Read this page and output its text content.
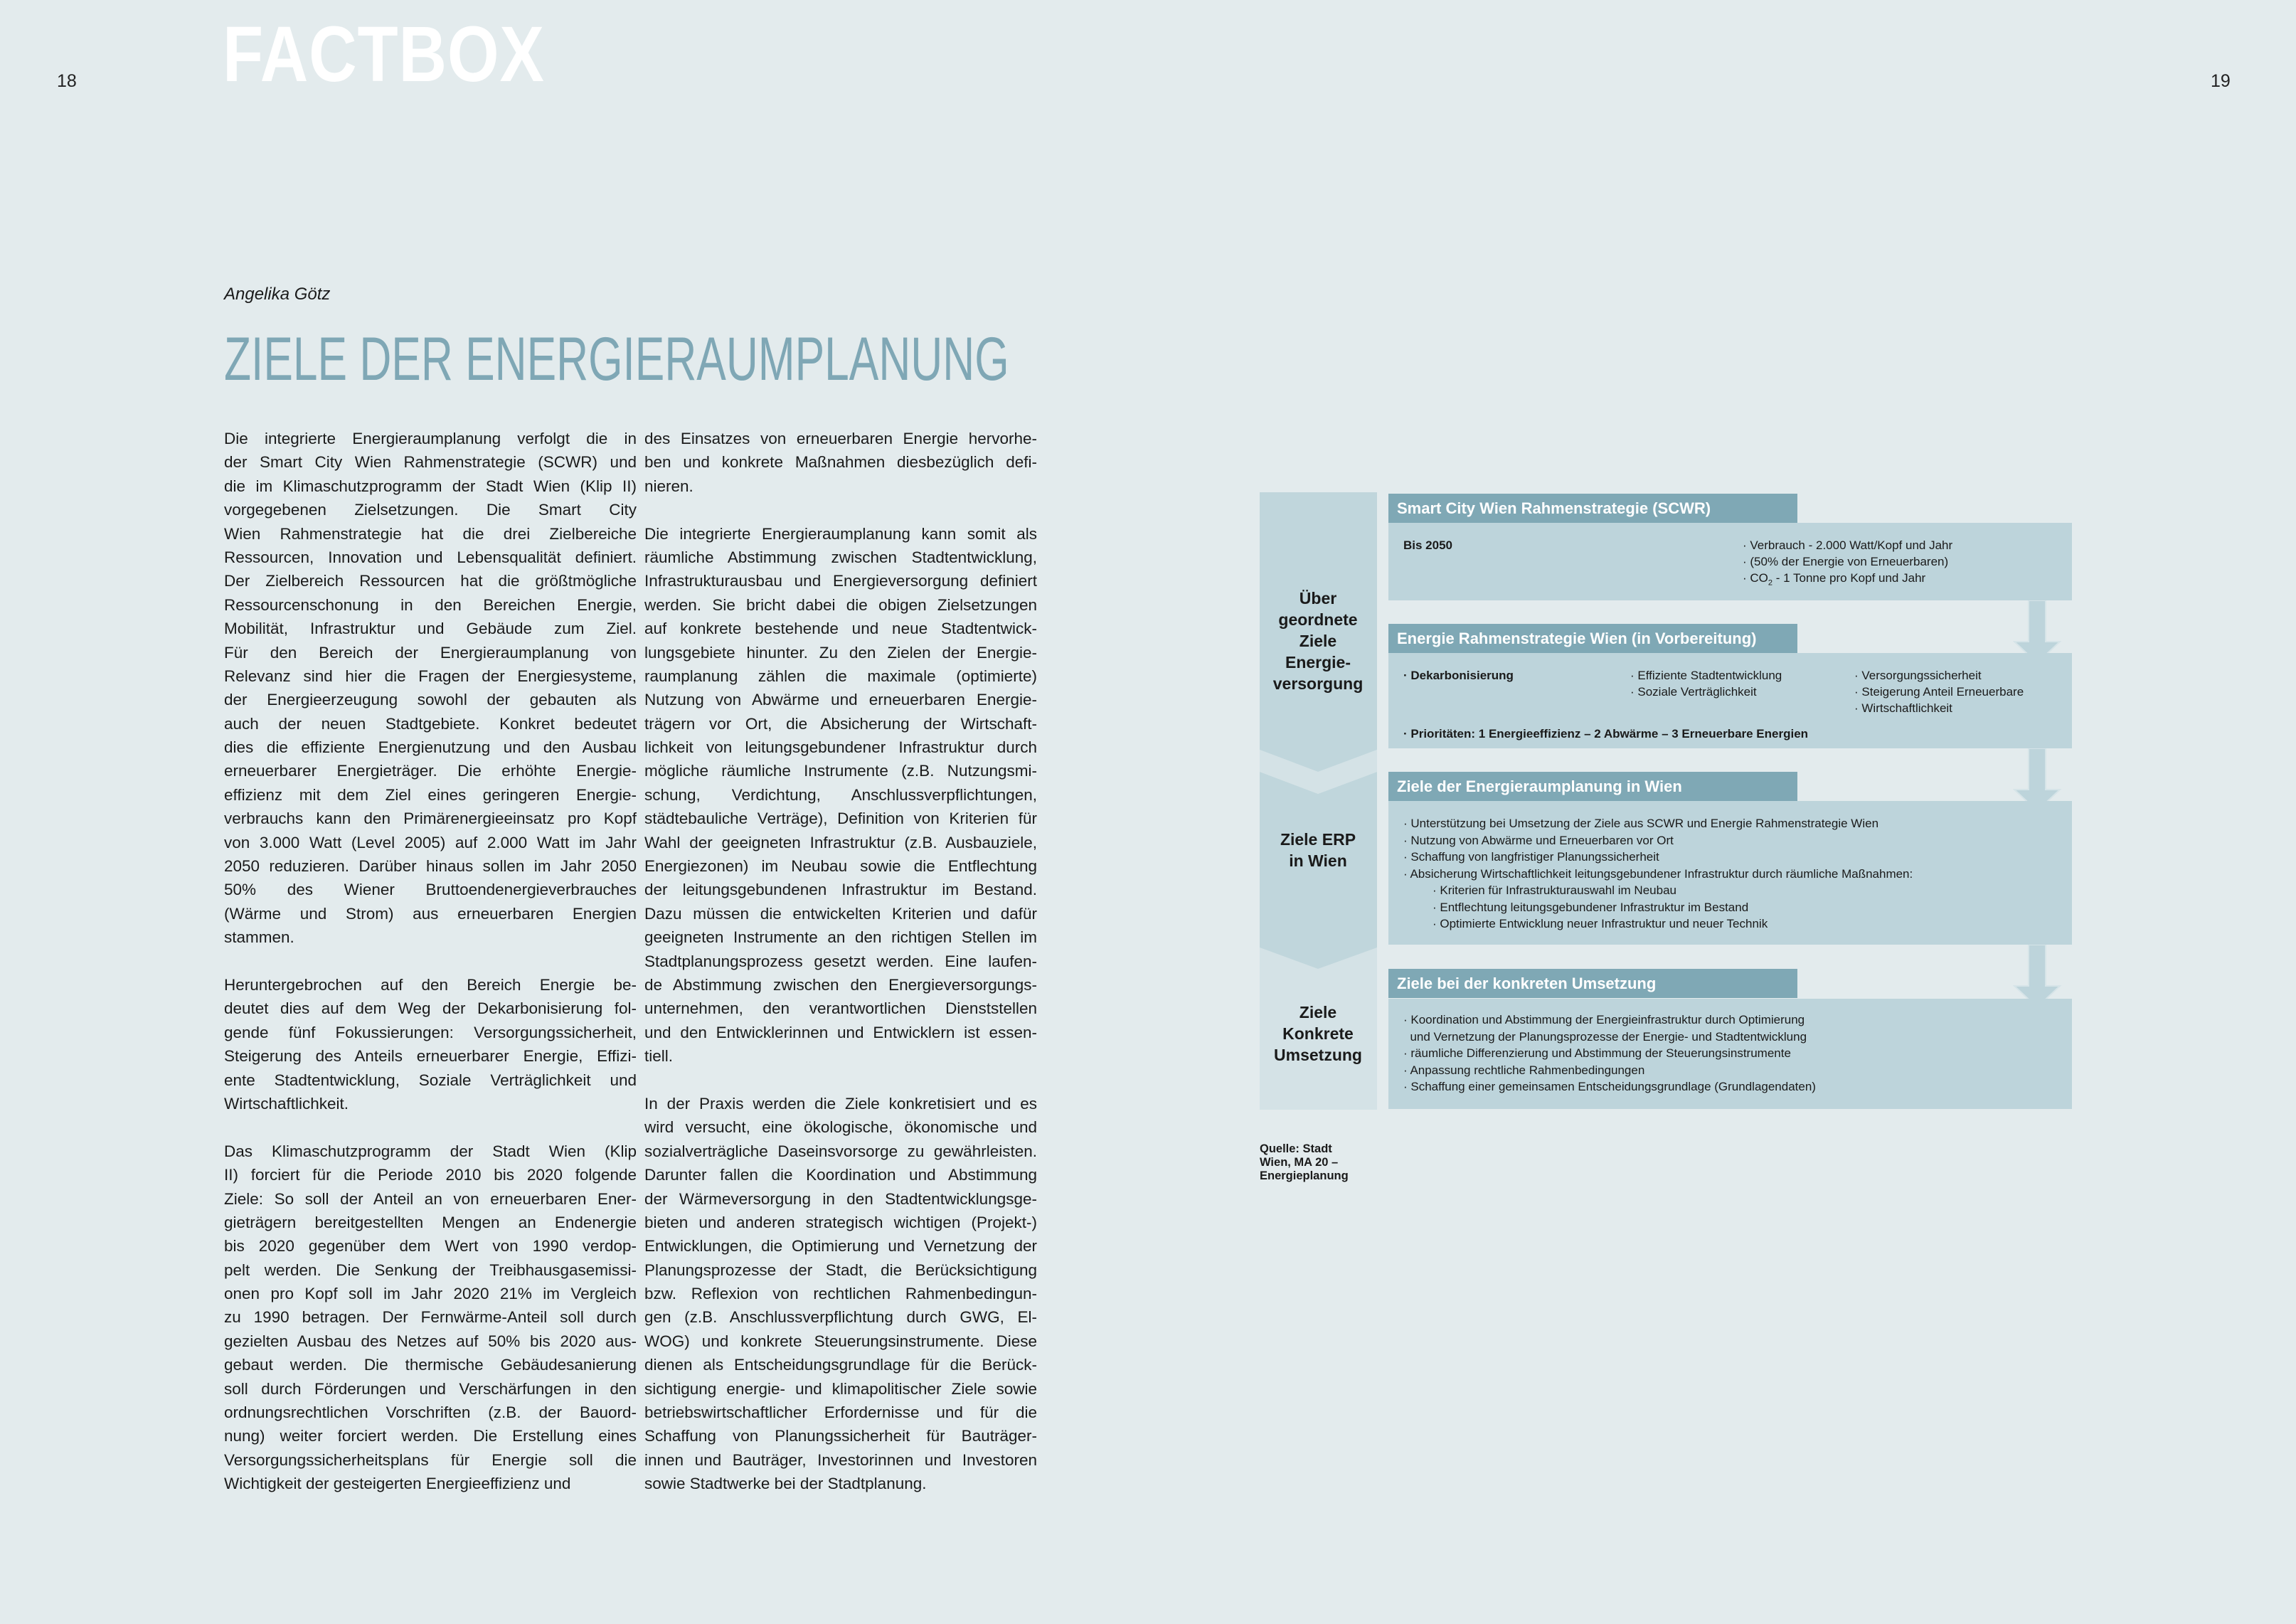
18	19
FACTBOX
Angelika Götz
ZIELE DER ENERGIERAUMPLANUNG
Die integrierte Energieraumplanung verfolgt die in
der Smart City Wien Rahmenstrategie (SCWR) und
die im Klimaschutzprogramm der Stadt Wien (Klip II)
vorgegebenen Zielsetzungen. Die Smart City
Wien Rahmenstrategie hat die drei Zielbereiche
Ressourcen, Innovation und Lebensqualität definiert.
Der Zielbereich Ressourcen hat die größtmögliche
Ressourcenschonung in den Bereichen Energie,
Mobilität, Infrastruktur und Gebäude zum Ziel.
Für den Bereich der Energieraumplanung von
Relevanz sind hier die Fragen der Energiesysteme,
der Energieerzeugung sowohl der gebauten als
auch der neuen Stadtgebiete. Konkret bedeutet
dies die effiziente Energienutzung und den Ausbau
erneuerbarer Energieträger. Die erhöhte Energie-
effizienz mit dem Ziel eines geringeren Energie-
verbrauchs kann den Primärenergieeinsatz pro Kopf
von 3.000 Watt (Level 2005) auf 2.000 Watt im Jahr
2050 reduzieren. Darüber hinaus sollen im Jahr 2050
50% des Wiener Bruttoendenergieverbrauches
(Wärme und Strom) aus erneuerbaren Energien
stammen.
Heruntergebrochen auf den Bereich Energie be-
deutet dies auf dem Weg der Dekarbonisierung fol-
gende fünf Fokussierungen: Versorgungssicherheit,
Steigerung des Anteils erneuerbarer Energie, Effizi-
ente Stadtentwicklung, Soziale Verträglichkeit und
Wirtschaftlichkeit.
Das Klimaschutzprogramm der Stadt Wien (Klip
II) forciert für die Periode 2010 bis 2020 folgende
Ziele: So soll der Anteil an von erneuerbaren Ener-
gieträgern bereitgestellten Mengen an Endenergie
bis 2020 gegenüber dem Wert von 1990 verdop-
pelt werden. Die Senkung der Treibhausgasemissi-
onen pro Kopf soll im Jahr 2020 21% im Vergleich
zu 1990 betragen. Der Fernwärme-Anteil soll durch
gezielten Ausbau des Netzes auf 50% bis 2020 aus-
gebaut werden. Die thermische Gebäudesanierung
soll durch Förderungen und Verschärfungen in den
ordnungsrechtlichen Vorschriften (z.B. der Bauord-
nung) weiter forciert werden. Die Erstellung eines
Versorgungssicherheitsplans für Energie soll die
Wichtigkeit der gesteigerten Energieeffizienz und
des Einsatzes von erneuerbaren Energie hervorhe-
ben und konkrete Maßnahmen diesbezüglich defi-
nieren.
Die integrierte Energieraumplanung kann somit als
räumliche Abstimmung zwischen Stadtentwicklung,
Infrastrukturausbau und Energieversorgung definiert
werden. Sie bricht dabei die obigen Zielsetzungen
auf konkrete bestehende und neue Stadtentwick-
lungsgebiete hinunter. Zu den Zielen der Energie-
raumplanung zählen die maximale (optimierte)
Nutzung von Abwärme und erneuerbaren Energie-
trägern vor Ort, die Absicherung der Wirtschaft-
lichkeit von leitungsgebundener Infrastruktur durch
mögliche räumliche Instrumente (z.B. Nutzungsmi-
schung, Verdichtung, Anschlussverpflichtungen,
städtebauliche Verträge), Definition von Kriterien für
Wahl der geeigneten Infrastruktur (z.B. Ausbauziele,
Energiezonen) im Neubau sowie die Entflechtung
der leitungsgebundenen Infrastruktur im Bestand.
Dazu müssen die entwickelten Kriterien und dafür
geeigneten Instrumente an den richtigen Stellen im
Stadtplanungsprozess gesetzt werden. Eine laufen-
de Abstimmung zwischen den Energieversorgungs-
unternehmen, den verantwortlichen Dienststellen
und den Entwicklerinnen und Entwicklern ist essen-
tiell.
In der Praxis werden die Ziele konkretisiert und es
wird versucht, eine ökologische, ökonomische und
sozialverträgliche Daseinsvorsorge zu gewährleisten.
Darunter fallen die Koordination und Abstimmung
der Wärmeversorgung in den Stadtentwicklungsge-
bieten und anderen strategisch wichtigen (Projekt-)
Entwicklungen, die Optimierung und Vernetzung der
Planungsprozesse der Stadt, die Berücksichtigung
bzw. Reflexion von rechtlichen Rahmenbedingun-
gen (z.B. Anschlussverpflichtung durch GWG, El-
WOG) und konkrete Steuerungsinstrumente. Diese
dienen als Entscheidungsgrundlage für die Berück-
sichtigung energie- und klimapolitischer Ziele sowie
betriebswirtschaftlicher Erfordernisse und für die
Schaffung von Planungssicherheit für Bauträger-
innen und Bauträger, Investorinnen und Investoren
sowie Stadtwerke bei der Stadtplanung.
Über
geordnete
Ziele
Energie-
versorgung
Ziele ERP
in Wien
Ziele
Konkrete
Umsetzung
Smart City Wien Rahmenstrategie (SCWR)
Bis 2050	· Verbrauch - 2.000 Watt/Kopf und Jahr
· (50% der Energie von Erneuerbaren)
· $CO_2 - 1$ Tonne pro Kopf und Jahr
Energie Rahmenstrategie Wien (in Vorbereitung)
· Dekarbonisierung	· Effiziente Stadtentwicklung
· Soziale Verträglichkeit
· Versorgungssicherheit
· Steigerung Anteil Erneuerbare
· Wirtschaftlichkeit
· Prioritäten: 1 Energieeffizienz – 2 Abwärme – 3 Erneuerbare Energien
Ziele der Energieraumplanung in Wien
· Unterstützung bei Umsetzung der Ziele aus SCWR und Energie Rahmenstrategie Wien
· Nutzung von Abwärme und Erneuerbaren vor Ort
· Schaffung von langfristiger Planungssicherheit
· Absicherung Wirtschaftlichkeit leitungsgebundener Infrastruktur durch räumliche Maßnahmen:
· Kriterien für Infrastrukturauswahl im Neubau
· Entflechtung leitungsgebundener Infrastruktur im Bestand
· Optimierte Entwicklung neuer Infrastruktur und neuer Technik
Ziele bei der konkreten Umsetzung
· Koordination und Abstimmung der Energieinfrastruktur durch Optimierung
und Vernetzung der Planungsprozesse der Energie- und Stadtentwicklung
· räumliche Differenzierung und Abstimmung der Steuerungsinstrumente
· Anpassung rechtliche Rahmenbedingungen
· Schaffung einer gemeinsamen Entscheidungsgrundlage (Grundlagendaten)
Quelle: Stadt Wien, MA 20 – Energieplanung
